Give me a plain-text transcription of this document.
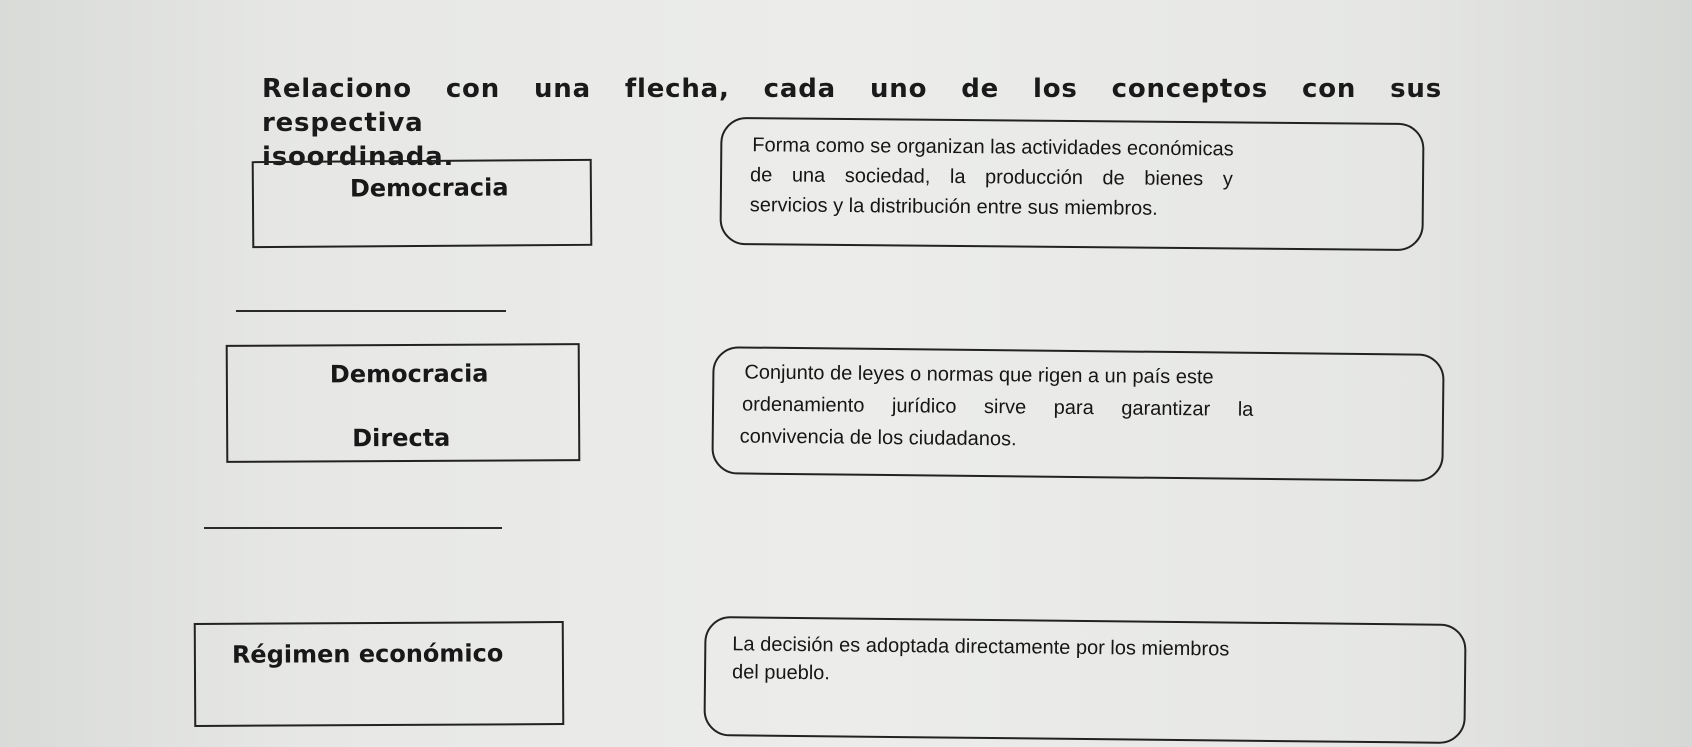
Relaciono con una flecha, cada uno de los conceptos con sus respectiva
isoordinada.
Democracia
Democracia
Directa
Régimen económico
Forma como se organizan las actividades económicas
de una sociedad, la producción de bienes y
servicios y la distribución entre sus miembros.
Conjunto de leyes o normas que rigen a un país este
ordenamiento jurídico sirve para garantizar la
convivencia de los ciudadanos.
La decisión es adoptada directamente por los miembros
del pueblo.
